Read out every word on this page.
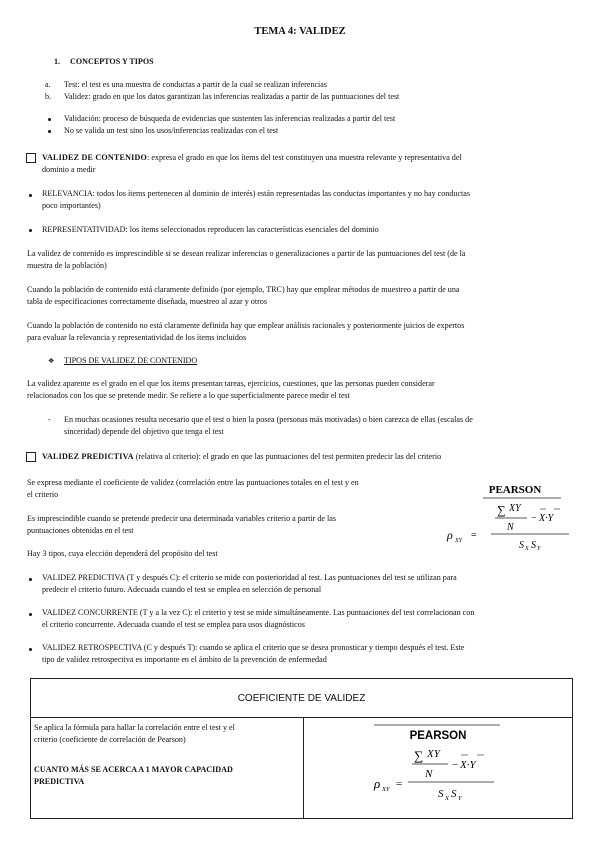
TEMA 4: VALIDEZ
1. CONCEPTOS Y TIPOS
a. Test: el test es una muestra de conductas a partir de la cual se realizan inferencias
b. Validez: grado en que los datos garantizan las inferencias realizadas a partir de las puntuaciones del test
Validación: proceso de búsqueda de evidencias que sustenten las inferencias realizadas a partir del test
No se valida un test sino los usos/inferencias realizadas con el test
VALIDEZ DE CONTENIDO: expresa el grado en que los ítems del test constituyen una muestra relevante y representativa del
dominio a medir
RELEVANCIA: todos los ítems pertenecen al dominio de interés) están representadas las conductas importantes y no hay conductas
poco importantes)
REPRESENTATIVIDAD: los ítems seleccionados reproducen las características esenciales del dominio
La validez de contenido es imprescindible si se desean realizar inferencias o generalizaciones a partir de las puntuaciones del test (de la
muestra de la población)
Cuando la población de contenido está claramente definido (por ejemplo, TRC) hay que emplear métodos de muestreo a partir de una
tabla de especificaciones correctamente diseñada, muestreo al azar y otros
Cuando la población de contenido no está claramente definida hay que emplear análisis racionales y posteriormente juicios de expertos
para evaluar la relevancia y representatividad de los ítems incluidos
❖ TIPOS DE VALIDEZ DE CONTENIDO
La validez aparente es el grado en el que los ítems presentan tareas, ejercicios, cuestiones, que las personas pueden considerar
relacionados con los que se pretende medir. Se refiere a lo que superficialmente parece medir el test
- En muchas ocasiones resulta necesario que el test o bien la posea (personas más motivadas) o bien carezca de ellas (escalas de
sinceridad) depende del objetivo que tenga el test
VALIDEZ PREDICTIVA (relativa al criterio): el grado en que las puntuaciones del test permiten predecir las del criterio
Se expresa mediante el coeficiente de validez (correlación entre las puntuaciones totales en el test y en
el criterio
Es imprescindible cuando se pretende predecir una determinada variables criterio a partir de las
puntuaciones obtenidas en el test
Hay 3 tipos, cuya elección dependerá del propósito del test
PEARSON
∑ XY
N
− X·Y
ρ XY =
S X S Y
VALIDEZ PREDICTIVA (T y después C): el criterio se mide con posterioridad al test. Las puntuaciones del test se utilizan para
predecir el criterio futuro. Adecuada cuando el test se emplea en selección de personal
VALIDEZ CONCURRENTE (T y a la vez C): el criterio y test se mide simultáneamente. Las puntuaciones del test correlacionan con
el criterio concurrente. Adecuada cuando el test se emplea para usos diagnósticos
VALIDEZ RETROSPECTIVA (C y después T): cuando se aplica el criterio que se desea pronosticar y tiempo después el test. Este
tipo de validez retrospectiva es importante en el ámbito de la prevención de enfermedad
COEFICIENTE DE VALIDEZ

Se aplica la fórmula para hallar la correlación entre el test y el
criterio (coeficiente de correlación de Pearson)
CUANTO MÁS SE ACERCA A 1 MAYOR CAPACIDAD
PREDICTIVA

PEARSON
∑ XY
N
− X·Y
ρ XY =
S X S Y
